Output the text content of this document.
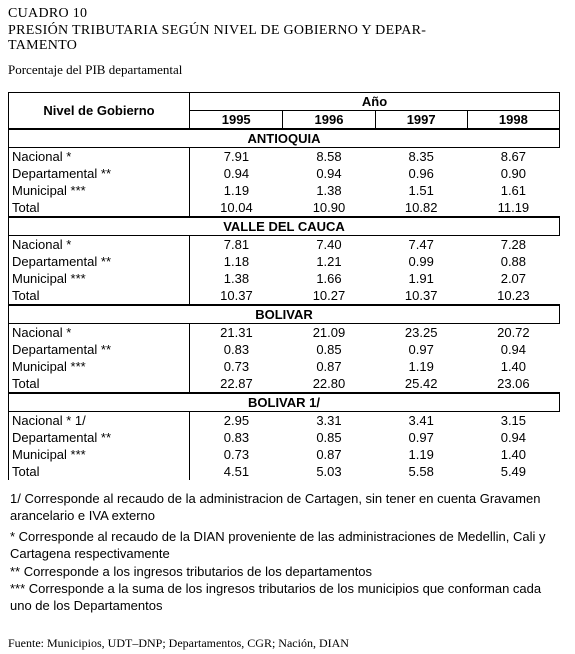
CUADRO 10
PRESIÓN TRIBUTARIA SEGÚN NIVEL DE GOBIERNO Y DEPAR-
TAMENTO
Porcentaje del PIB departamental
Nivel de Gobierno	Año			
	1995	1996	1997	1998
ANTIOQUIA				
Nacional *	7.91	8.58	8.35	8.67
Departamental **	0.94	0.94	0.96	0.90
Municipal ***	1.19	1.38	1.51	1.61
Total	10.04	10.90	10.82	11.19
VALLE DEL CAUCA				
Nacional *	7.81	7.40	7.47	7.28
Departamental **	1.18	1.21	0.99	0.88
Municipal ***	1.38	1.66	1.91	2.07
Total	10.37	10.27	10.37	10.23
BOLIVAR				
Nacional *	21.31	21.09	23.25	20.72
Departamental **	0.83	0.85	0.97	0.94
Municipal ***	0.73	0.87	1.19	1.40
Total	22.87	22.80	25.42	23.06
BOLIVAR 1/				
Nacional * 1/	2.95	3.31	3.41	3.15
Departamental **	0.83	0.85	0.97	0.94
Municipal ***	0.73	0.87	1.19	1.40
Total	4.51	5.03	5.58	5.49
1/ Corresponde al recaudo de la administracion de Cartagen, sin tener en cuenta Gravamen arancelario e IVA externo
* Corresponde al recaudo de la DIAN proveniente de las administraciones de Medellin, Cali y Cartagena respectivamente
** Corresponde a los ingresos tributarios de los departamentos
*** Corresponde a la suma de los ingresos tributarios de los municipios que conforman cada uno de los Departamentos
Fuente: Municipios, UDT–DNP; Departamentos, CGR; Nación, DIAN
